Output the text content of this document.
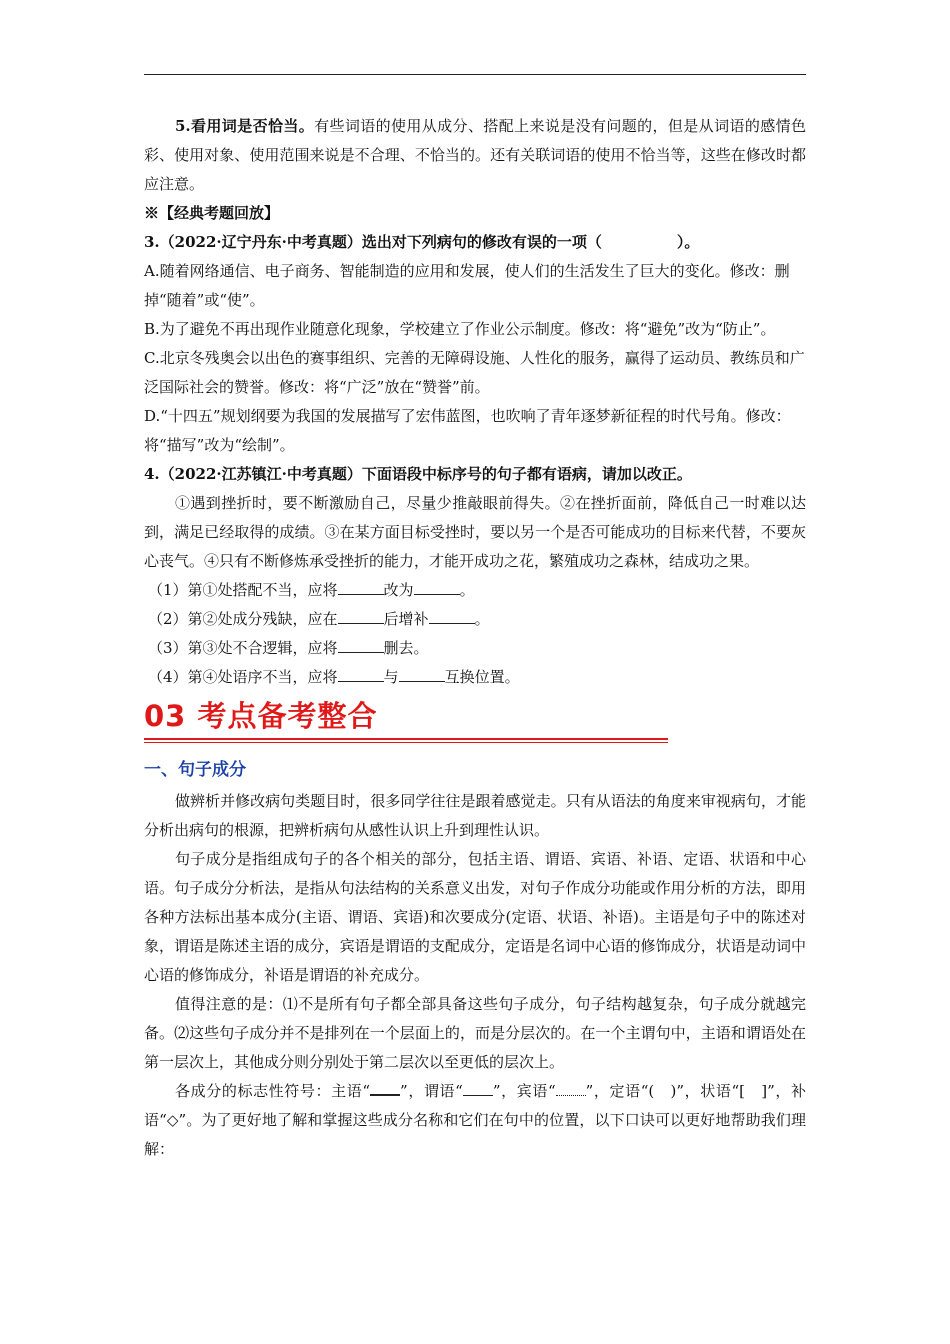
5.看用词是否恰当。有些词语的使用从成分、搭配上来说是没有问题的，但是从词语的感情色彩、使用对象、使用范围来说是不合理、不恰当的。还有关联词语的使用不恰当等，这些在修改时都应注意。

※【经典考题回放】

3.（2022·辽宁丹东·中考真题）选出对下列病句的修改有误的一项（　　　　　）。

A.随着网络通信、电子商务、智能制造的应用和发展，使人们的生活发生了巨大的变化。修改：删掉“随着”或“使”。

B.为了避免不再出现作业随意化现象，学校建立了作业公示制度。修改：将“避免”改为“防止”。

C.北京冬残奥会以出色的赛事组织、完善的无障碍设施、人性化的服务，赢得了运动员、教练员和广泛国际社会的赞誉。修改：将“广泛”放在“赞誉”前。

D.“十四五”规划纲要为我国的发展描写了宏伟蓝图，也吹响了青年逐梦新征程的时代号角。修改：将“描写”改为“绘制”。

4.（2022·江苏镇江·中考真题）下面语段中标序号的句子都有语病，请加以改正。

①遇到挫折时，要不断激励自己，尽量少推敲眼前得失。②在挫折面前，降低自己一时难以达到，满足已经取得的成绩。③在某方面目标受挫时，要以另一个是否可能成功的目标来代替，不要灰心丧气。④只有不断修炼承受挫折的能力，才能开成功之花，繁殖成功之森林，结成功之果。

（1）第①处搭配不当，应将	改为	。

（2）第②处成分残缺，应在	后增补	。

（3）第③处不合逻辑，应将	删去。

（4）第④处语序不当，应将	与	互换位置。

03 考点备考整合
一、句子成分

做辨析并修改病句类题目时，很多同学往往是跟着感觉走。只有从语法的角度来审视病句，才能分析出病句的根源，把辨析病句从感性认识上升到理性认识。

句子成分是指组成句子的各个相关的部分，包括主语、谓语、宾语、补语、定语、状语和中心语。句子成分分析法，是指从句法结构的关系意义出发，对句子作成分功能或作用分析的方法，即用各种方法标出基本成分(主语、谓语、宾语)和次要成分(定语、状语、补语)。主语是句子中的陈述对象，谓语是陈述主语的成分，宾语是谓语的支配成分，定语是名词中心语的修饰成分，状语是动词中心语的修饰成分，补语是谓语的补充成分。

值得注意的是：⑴不是所有句子都全部具备这些句子成分，句子结构越复杂，句子成分就越完备。⑵这些句子成分并不是排列在一个层面上的，而是分层次的。在一个主谓句中，主语和谓语处在第一层次上，其他成分则分别处于第二层次以至更低的层次上。

各成分的标志性符号：主语“ ”，谓语“ ”，宾语“ ”，定语“(　)”，状语“[　]”，补语“◇”。为了更好地了解和掌握这些成分名称和它们在句中的位置，以下口诀可以更好地帮助我们理解：
